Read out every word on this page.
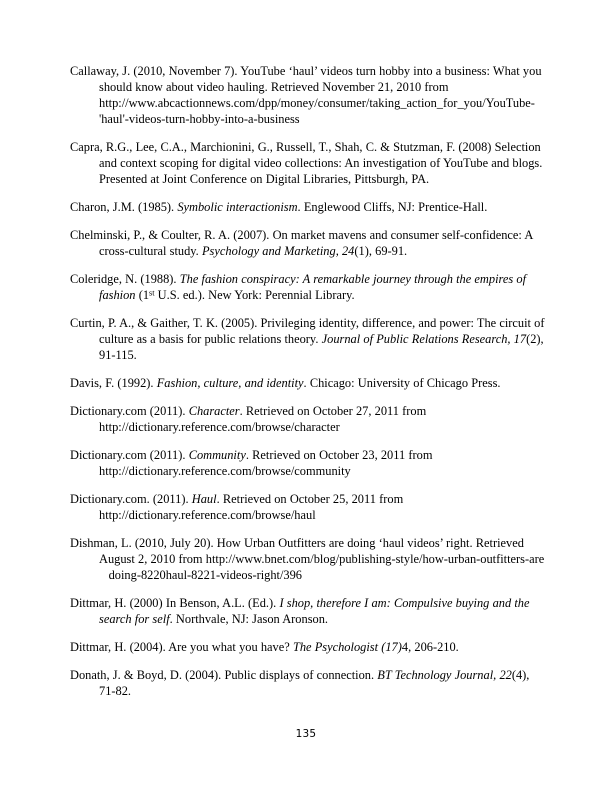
Callaway, J. (2010, November 7). YouTube ‘haul’ videos turn hobby into a business: What you should know about video hauling. Retrieved November 21, 2010 from http://www.abcactionnews.com/dpp/money/consumer/taking_action_for_you/YouTube-'haul'-videos-turn-hobby-into-a-business

Capra, R.G., Lee, C.A., Marchionini, G., Russell, T., Shah, C. & Stutzman, F. (2008) Selection and context scoping for digital video collections: An investigation of YouTube and blogs. Presented at Joint Conference on Digital Libraries, Pittsburgh, PA.

Charon, J.M. (1985). Symbolic interactionism. Englewood Cliffs, NJ: Prentice-Hall.

Chelminski, P., & Coulter, R. A. (2007). On market mavens and consumer self-confidence: A cross-cultural study. Psychology and Marketing, 24(1), 69-91.

Coleridge, N. (1988). The fashion conspiracy: A remarkable journey through the empires of fashion (1st U.S. ed.). New York: Perennial Library.

Curtin, P. A., & Gaither, T. K. (2005). Privileging identity, difference, and power: The circuit of culture as a basis for public relations theory. Journal of Public Relations Research, 17(2), 91-115.

Davis, F. (1992). Fashion, culture, and identity. Chicago: University of Chicago Press.

Dictionary.com (2011). Character. Retrieved on October 27, 2011 from http://dictionary.reference.com/browse/character

Dictionary.com (2011). Community. Retrieved on October 23, 2011 from http://dictionary.reference.com/browse/community

Dictionary.com. (2011). Haul. Retrieved on October 25, 2011 from http://dictionary.reference.com/browse/haul

Dishman, L. (2010, July 20). How Urban Outfitters are doing ‘haul videos’ right. Retrieved August 2, 2010 from http://www.bnet.com/blog/publishing-style/how-urban-outfitters-are   doing-8220haul-8221-videos-right/396

Dittmar, H. (2000) In Benson, A.L. (Ed.). I shop, therefore I am: Compulsive buying and the search for self. Northvale, NJ: Jason Aronson.

Dittmar, H. (2004). Are you what you have? The Psychologist (17)4, 206-210.

Donath, J. & Boyd, D. (2004). Public displays of connection. BT Technology Journal, 22(4), 71-82.

135
